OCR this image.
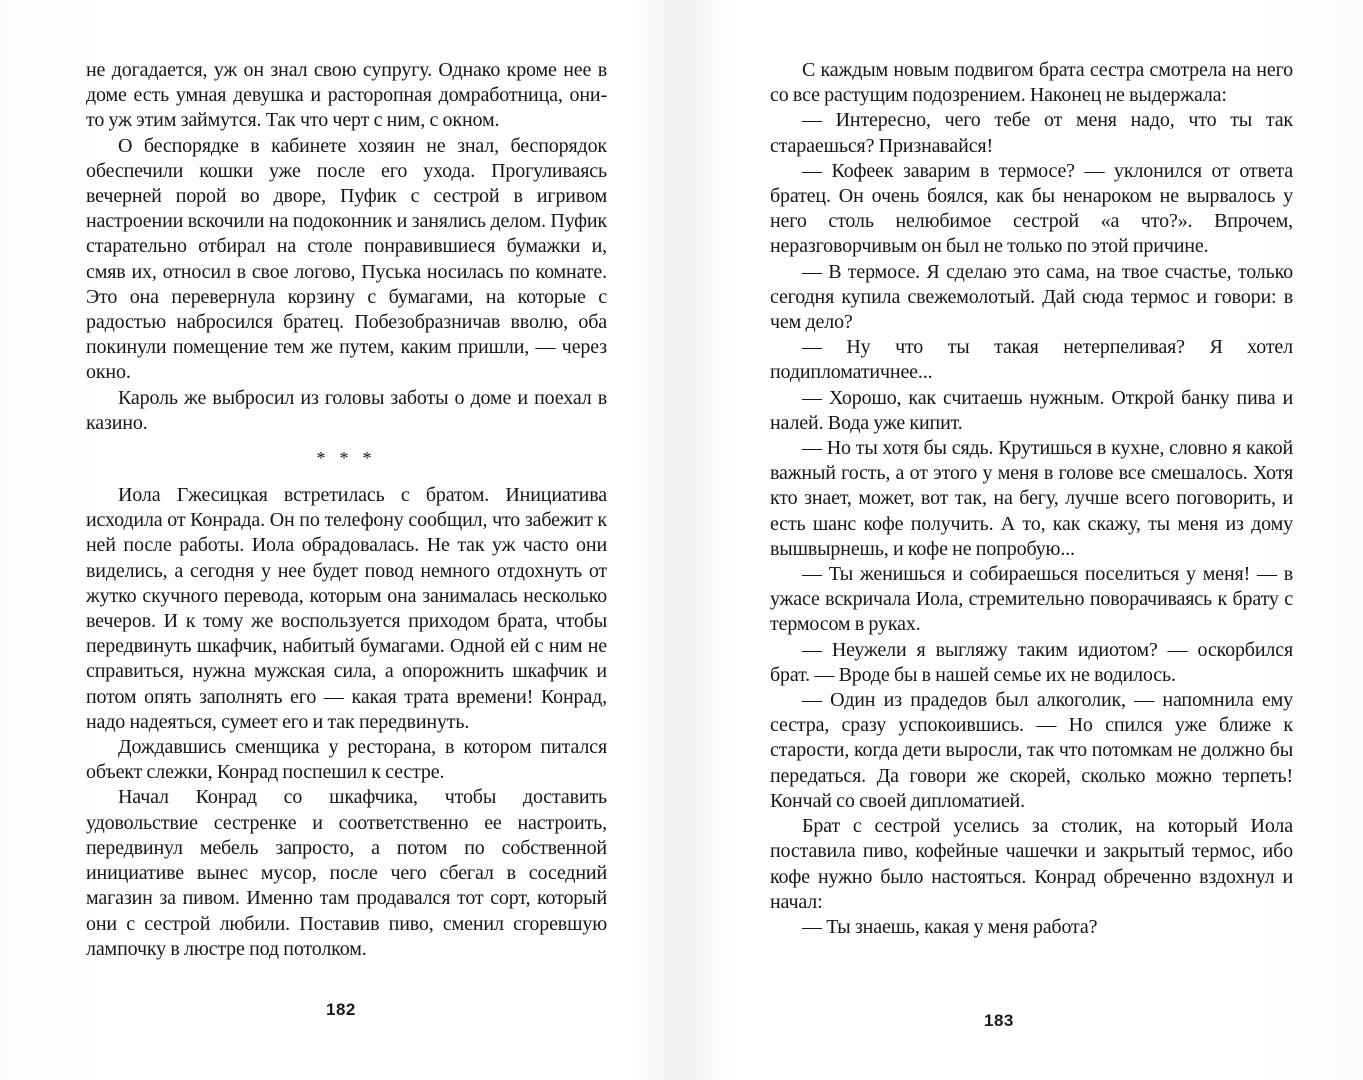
не догадается, уж он знал свою супругу. Однако кроме нее в доме есть умная девушка и расторопная домработница, они-то уж этим займутся. Так что черт с ним, с окном.

О беспорядке в кабинете хозяин не знал, беспорядок обеспечили кошки уже после его ухода. Прогуливаясь вечерней порой во дворе, Пуфик с сестрой в игривом настроении вскочили на подоконник и занялись делом. Пуфик старательно отбирал на столе понравившиеся бумажки и, смяв их, относил в свое логово, Пуська носилась по комнате. Это она перевернула корзину с бумагами, на которые с радостью набросился братец. Побезобразничав вволю, оба покинули помещение тем же путем, каким пришли, — через окно.

Кароль же выбросил из головы заботы о доме и поехал в казино.

* * *

Иола Гжесицкая встретилась с братом. Инициатива исходила от Конрада. Он по телефону сообщил, что забежит к ней после работы. Иола обрадовалась. Не так уж часто они виделись, а сегодня у нее будет повод немного отдохнуть от жутко скучного перевода, которым она занималась несколько вечеров. И к тому же воспользуется приходом брата, чтобы передвинуть шкафчик, набитый бумагами. Одной ей с ним не справиться, нужна мужская сила, а опорожнить шкафчик и потом опять заполнять его — какая трата времени! Конрад, надо надеяться, сумеет его и так передвинуть.

Дождавшись сменщика у ресторана, в котором питался объект слежки, Конрад поспешил к сестре.

Начал Конрад со шкафчика, чтобы доставить удовольствие сестренке и соответственно ее настроить, передвинул мебель запросто, а потом по собственной инициативе вынес мусор, после чего сбегал в соседний магазин за пивом. Именно там продавался тот сорт, который они с сестрой любили. Поставив пиво, сменил сгоревшую лампочку в люстре под потолком.

182

С каждым новым подвигом брата сестра смотрела на него со все растущим подозрением. Наконец не выдержала:

— Интересно, чего тебе от меня надо, что ты так стараешься? Признавайся!

— Кофеек заварим в термосе? — уклонился от ответа братец. Он очень боялся, как бы ненароком не вырвалось у него столь нелюбимое сестрой «а что?». Впрочем, неразговорчивым он был не только по этой причине.

— В термосе. Я сделаю это сама, на твое счастье, только сегодня купила свежемолотый. Дай сюда термос и говори: в чем дело?

— Ну что ты такая нетерпеливая? Я хотел подипломатичнее...

— Хорошо, как считаешь нужным. Открой банку пива и налей. Вода уже кипит.

— Но ты хотя бы сядь. Крутишься в кухне, словно я какой важный гость, а от этого у меня в голове все смешалось. Хотя кто знает, может, вот так, на бегу, лучше всего поговорить, и есть шанс кофе получить. А то, как скажу, ты меня из дому вышвырнешь, и кофе не попробую...

— Ты женишься и собираешься поселиться у меня! — в ужасе вскричала Иола, стремительно поворачиваясь к брату с термосом в руках.

— Неужели я выгляжу таким идиотом? — оскорбился брат. — Вроде бы в нашей семье их не водилось.

— Один из прадедов был алкоголик, — напомнила ему сестра, сразу успокоившись. — Но спился уже ближе к старости, когда дети выросли, так что потомкам не должно бы передаться. Да говори же скорей, сколько можно терпеть! Кончай со своей дипломатией.

Брат с сестрой уселись за столик, на который Иола поставила пиво, кофейные чашечки и закрытый термос, ибо кофе нужно было настояться. Конрад обреченно вздохнул и начал:

— Ты знаешь, какая у меня работа?

183
